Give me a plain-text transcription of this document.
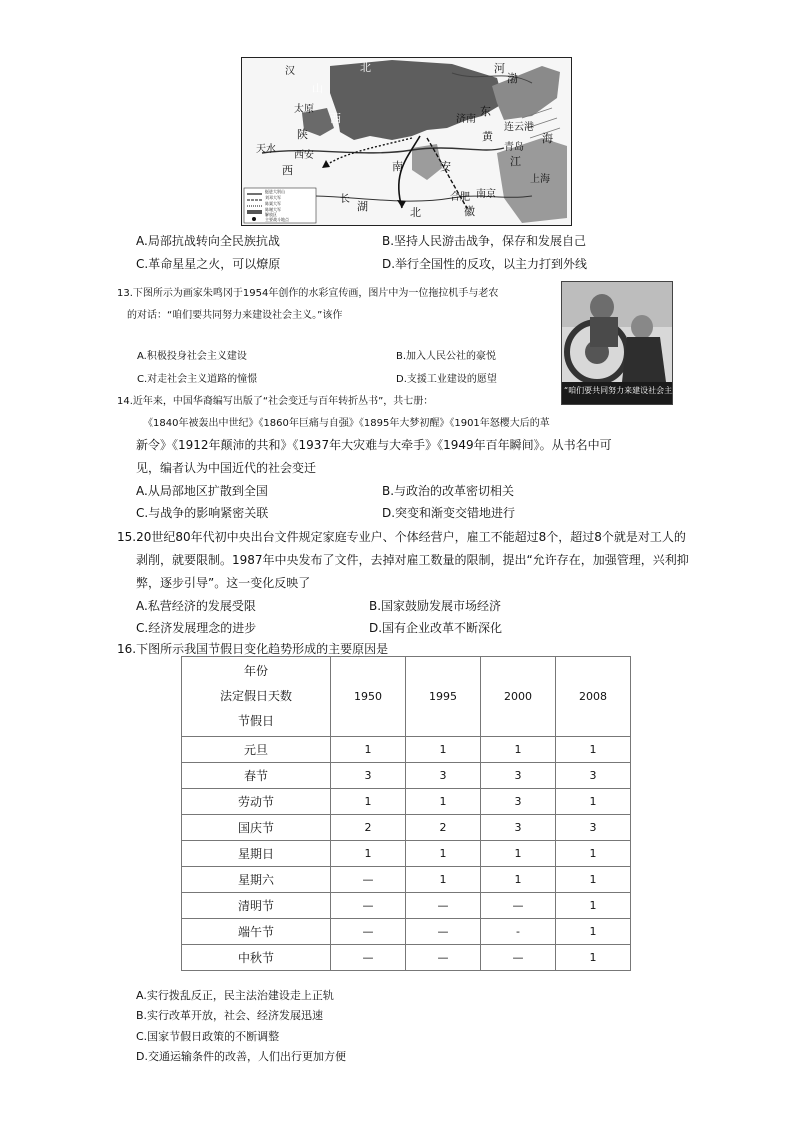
汉	北	河
渤
山
太原
西
东
济南
海
陕
天水
西安
黄
青岛
连云港
西	安
南
湖	北
合肥 南京
长
上海
徽
江
挺进大别山
刘邓大军
陈粟大军
陈谢大军
解放区
主要战斗地点
A.局部抗战转向全民族抗战	B.坚持人民游击战争，保存和发展自己
C.革命星星之火，可以燎原	D.举行全国性的反攻，以主力打到外线
13.下图所示为画家朱鸣冈于1954年创作的水彩宣传画，图片中为一位拖拉机手与老农
的对话：“咱们要共同努力来建设社会主义。”该作
“咱们要共同努力来建设社会主义”
A.积极投身社会主义建设	B.加入人民公社的豪悦
C.对走社会主义道路的憧憬	D.支援工业建设的愿望
14.近年来，中国华裔编写出版了“社会变迁与百年转折丛书”，共七册：
《1840年被轰出中世纪》《1860年巨痛与自强》《1895年大梦初醒》《1901年怒樱大后的革
新令》《1912年颠沛的共和》《1937年大灾难与大牵手》《1949年百年瞬间》。从书名中可
见，编者认为中国近代的社会变迁
A.从局部地区扩散到全国	B.与政治的改革密切相关
C.与战争的影响紧密关联	D.突变和渐变交错地进行
15.20世纪80年代初中央出台文件规定家庭专业户、个体经营户，雇工不能超过8个，超过8个就是对工人的
剥削，就要限制。1987年中央发布了文件，去掉对雇工数量的限制，提出“允许存在，加强管理，兴利抑
弊，逐步引导”。这一变化反映了
A.私营经济的发展受限	B.国家鼓励发展市场经济
C.经济发展理念的进步	D.国有企业改革不断深化
16.下图所示我国节假日变化趋势形成的主要原因是
年份
法定假日天数
节假日	1950	1995	2000	2008
元旦	1	1	1	1
春节	3	3	3	3
劳动节	1	1	3	1
国庆节	2	2	3	3
星期日	1	1	1	1
星期六	—	1	1	1
清明节	—	—	—	1
端午节	—	—	-	1
中秋节	—	—	—	1
A.实行拨乱反正，民主法治建设走上正轨
B.实行改革开放，社会、经济发展迅速
C.国家节假日政策的不断调整
D.交通运输条件的改善，人们出行更加方便
